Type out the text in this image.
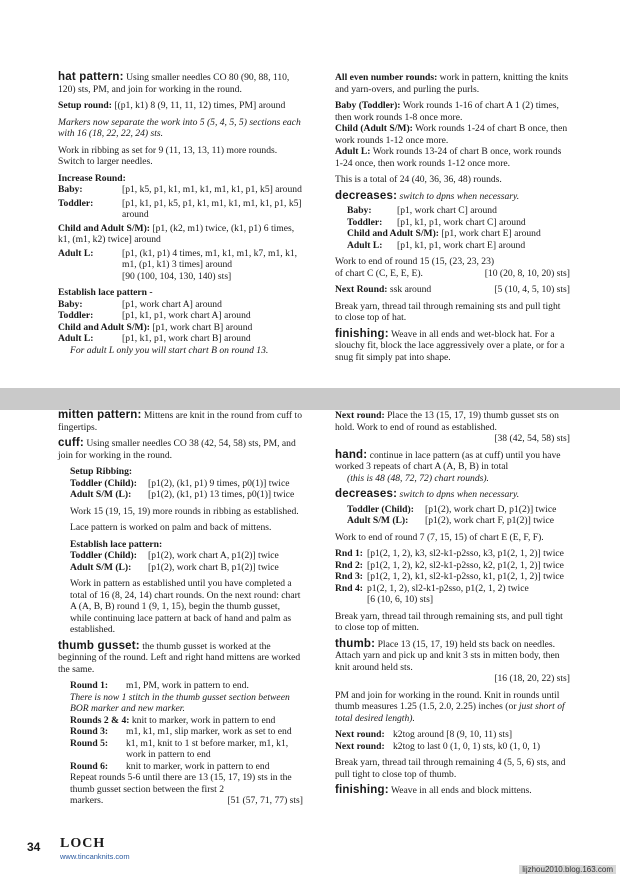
hat pattern: Using smaller needles CO 80 (90, 88, 110, 120) sts, PM, and join for working in the round.

Setup round: [(p1, k1) 8 (9, 11, 11, 12) times, PM] around

Markers now separate the work into 5 (5, 4, 5, 5) sections each with 16 (18, 22, 22, 24) sts.

Work in ribbing as set for 9 (11, 13, 13, 11) more rounds. Switch to larger needles.

Increase Round:
Baby:	[p1, k5, p1, k1, m1, k1, m1, k1, p1, k5] around
Toddler:	[p1, k1, p1, k5, p1, k1, m1, k1, m1, k1, p1, k5] around
Child and Adult S/M): [p1, (k2, m1) twice, (k1, p1) 6 times, k1, (m1, k2) twice] around
Adult L:	[p1, (k1, p1) 4 times, m1, k1, m1, k7, m1, k1, m1, (p1, k1) 3 times] around
[90 (100, 104, 130, 140) sts]
Establish lace pattern -
Baby:	[p1, work chart A] around
Toddler:	[p1, k1, p1, work chart A] around
Child and Adult S/M): [p1, work chart B] around
Adult L:	[p1, k1, p1, work chart B] around
For adult L only you will start chart B on round 13.

All even number rounds: work in pattern, knitting the knits and yarn-overs, and purling the purls.

Baby (Toddler): Work rounds 1-16 of chart A 1 (2) times, then work rounds 1-8 once more.
Child (Adult S/M): Work rounds 1-24 of chart B once, then work rounds 1-12 once more.

Adult L: Work rounds 13-24 of chart B once, work rounds 1-24 once, then work rounds 1-12 once more.

This is a total of 24 (40, 36, 36, 48) rounds.

decreases: switch to dpns when necessary.
Baby:	[p1, work chart C] around
Toddler:	[p1, k1, p1, work chart C] around
Child and Adult S/M): [p1, work chart E] around
Adult L:	[p1, k1, p1, work chart E] around
Work to end of round 15 (15, (23, 23, 23)
of chart C (C, E, E, E).	[10 (20, 8, 10, 20) sts]
Next Round: ssk around	[5 (10, 4, 5, 10) sts]

Break yarn, thread tail through remaining sts and pull tight to close top of hat.

finishing: Weave in all ends and wet-block hat. For a slouchy fit, block the lace aggressively over a plate, or for a snug fit simply pat into shape.

mitten pattern: Mittens are knit in the round from cuff to fingertips.

cuff: Using smaller needles CO 38 (42, 54, 58) sts, PM, and join for working in the round.

Setup Ribbing:
Toddler (Child):	[p1(2), (k1, p1) 9 times, p0(1)] twice
Adult S/M (L):	[p1(2), (k1, p1) 13 times, p0(1)] twice

Work 15 (19, 15, 19) more rounds in ribbing as established.

Lace pattern is worked on palm and back of mittens.

Establish lace pattern:
Toddler (Child):	[p1(2), work chart A, p1(2)] twice
Adult S/M (L):	[p1(2), work chart B, p1(2)] twice

Work in pattern as established until you have completed a total of 16 (8, 24, 14) chart rounds. On the next round: chart A (A, B, B) round 1 (9, 1, 15), begin the thumb gusset, while continuing lace pattern at back of hand and palm as established.

thumb gusset: the thumb gusset is worked at the beginning of the round. Left and right hand mittens are worked the same.

Round 1:	m1, PM, work in pattern to end.
There is now 1 stitch in the thumb gusset section between BOR marker and new marker.
Rounds 2 & 4: knit to marker, work in pattern to end
Round 3:	m1, k1, m1, slip marker, work as set to end
Round 5:	k1, m1, knit to 1 st before marker, m1, k1, work in pattern to end
Round 6:	knit to marker, work in pattern to end
Repeat rounds 5-6 until there are 13 (15, 17, 19) sts in the thumb gusset section between the first 2
markers.	[51 (57, 71, 77) sts]
Next round: Place the 13 (15, 17, 19) thumb gusset sts on hold. Work to end of round as established.

[38 (42, 54, 58) sts]

hand: continue in lace pattern (as at cuff) until you have worked 3 repeats of chart A (A, B, B) in total

(this is 48 (48, 72, 72) chart rounds).

decreases: switch to dpns when necessary.
Toddler (Child):	[p1(2), work chart D, p1(2)] twice
Adult S/M (L):	[p1(2), work chart F, p1(2)] twice

Work to end of round 7 (7, 15, 15) of chart E (E, F, F).

Rnd 1: [p1(2, 1, 2), k3, sl2-k1-p2sso, k3, p1(2, 1, 2)] twice
Rnd 2: [p1(2, 1, 2), k2, sl2-k1-p2sso, k2, p1(2, 1, 2)] twice
Rnd 3: [p1(2, 1, 2), k1, sl2-k1-p2sso, k1, p1(2, 1, 2)] twice
Rnd 4: p1(2, 1, 2), sl2-k1-p2sso, p1(2, 1, 2) twice

[6 (10, 6, 10) sts]

Break yarn, thread tail through remaining sts, and pull tight to close top of mitten.

thumb: Place 13 (15, 17, 19) held sts back on needles. Attach yarn and pick up and knit 3 sts in mitten body, then knit around held sts.

[16 (18, 20, 22) sts]

PM and join for working in the round. Knit in rounds until thumb measures 1.25 (1.5, 2.0, 2.25) inches (or just short of total desired length).

Next round: k2tog around [8 (9, 10, 11) sts]
Next round: k2tog to last 0 (1, 0, 1) sts, k0 (1, 0, 1)

Break yarn, thread tail through remaining 4 (5, 5, 6) sts, and pull tight to close top of thumb.

finishing: Weave in all ends and block mittens.

34 LOCH
www.tincanknits.com
lijzhou2010.blog.163.com
